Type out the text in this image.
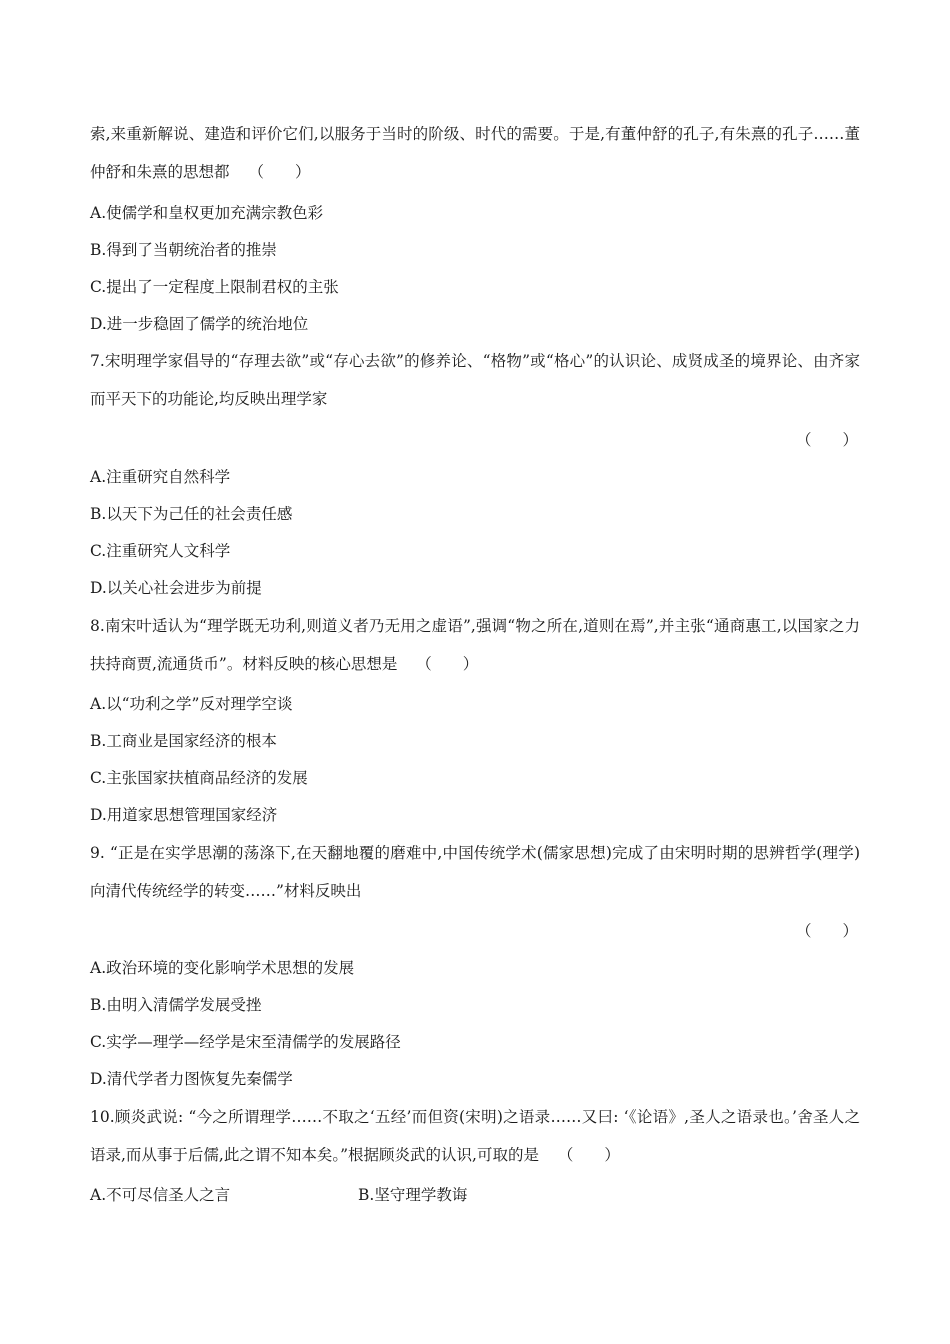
索,来重新解说、建造和评价它们,以服务于当时的阶级、时代的需要。于是,有董仲舒的孔子,有朱熹的孔子……董仲舒和朱熹的思想都 （　　）
A.使儒学和皇权更加充满宗教色彩
B.得到了当朝统治者的推崇
C.提出了一定程度上限制君权的主张
D.进一步稳固了儒学的统治地位
7.宋明理学家倡导的“存理去欲”或“存心去欲”的修养论、“格物”或“格心”的认识论、成贤成圣的境界论、由齐家而平天下的功能论,均反映出理学家
（　　）
A.注重研究自然科学
B.以天下为己任的社会责任感
C.注重研究人文科学
D.以关心社会进步为前提
8.南宋叶适认为“理学既无功利,则道义者乃无用之虚语”,强调“物之所在,道则在焉”,并主张“通商惠工,以国家之力扶持商贾,流通货币”。材料反映的核心思想是 （　　）
A.以“功利之学”反对理学空谈
B.工商业是国家经济的根本
C.主张国家扶植商品经济的发展
D.用道家思想管理国家经济
9. “正是在实学思潮的荡涤下,在天翻地覆的磨难中,中国传统学术(儒家思想)完成了由宋明时期的思辨哲学(理学)向清代传统经学的转变……”材料反映出
（　　）
A.政治环境的变化影响学术思想的发展
B.由明入清儒学发展受挫
C.实学—理学—经学是宋至清儒学的发展路径
D.清代学者力图恢复先秦儒学
10.顾炎武说: “今之所谓理学……不取之‘五经’而但资(宋明)之语录……又曰: ‘《论语》,圣人之语录也。’舍圣人之语录,而从事于后儒,此之谓不知本矣。”根据顾炎武的认识,可取的是 （　　）
A.不可尽信圣人之言	B.坚守理学教诲
